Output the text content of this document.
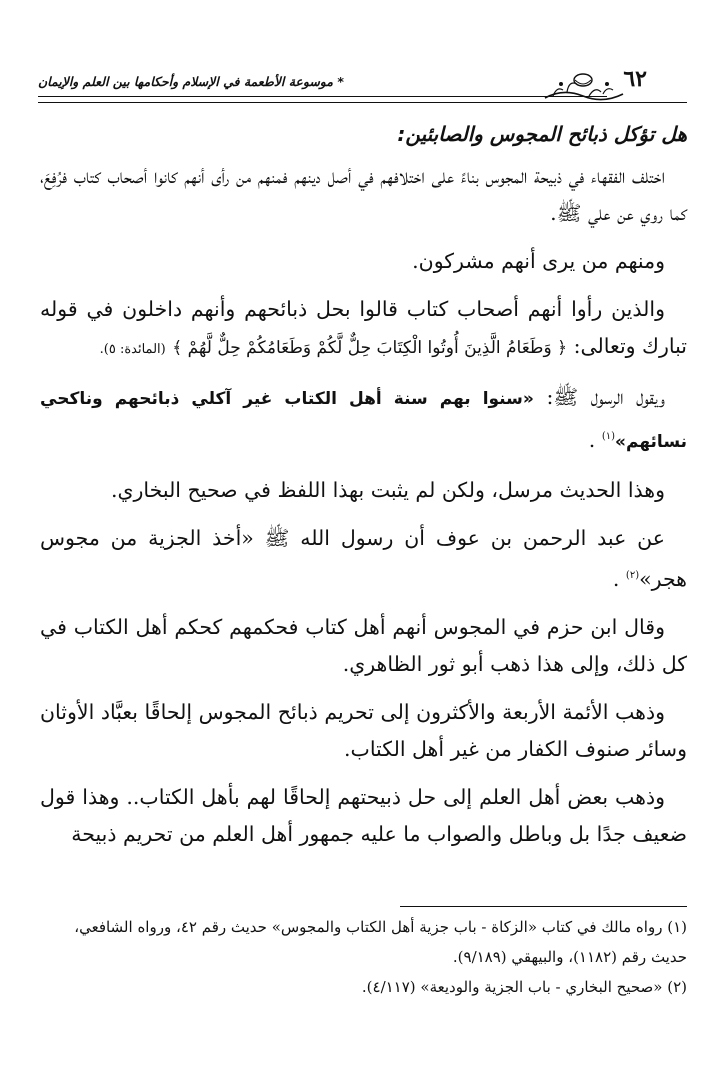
٦٢
* موسوعة الأطعمة في الإسلام وأحكامها بين العلم والإيمان
هل تؤكل ذبائح المجوس والصابئين:

اختلف الفقهاء في ذبيحة المجوس بناءً على اختلافهم في أصل دينهم فمنهم من رأى أنهم كانوا أصحاب كتاب فرُفِعَ، كما روي عن علي ﷺ.

ومنهم من يرى أنهم مشركون.

والذين رأوا أنهم أصحاب كتاب قالوا بحل ذبائحهم وأنهم داخلون في قوله تبارك وتعالى: ﴿ وَطَعَامُ الَّذِينَ أُوتُوا الْكِتَابَ حِلٌّ لَّكُمْ وَطَعَامُكُمْ حِلٌّ لَّهُمْ ﴾ (المائدة: ٥).

ويقول الرسول ﷺ: «سنوا بهم سنة أهل الكتاب غير آكلي ذبائحهم وناكحي نسائهم»$^{(١)}$ .

وهذا الحديث مرسل، ولكن لم يثبت بهذا اللفظ في صحيح البخاري.

عن عبد الرحمن بن عوف أن رسول الله ﷺ «أخذ الجزية من مجوس هجر»$^{(٢)}$ .

وقال ابن حزم في المجوس أنهم أهل كتاب فحكمهم كحكم أهل الكتاب في كل ذلك، وإلى هذا ذهب أبو ثور الظاهري.

وذهب الأئمة الأربعة والأكثرون إلى تحريم ذبائح المجوس إلحاقًا بعبَّاد الأوثان وسائر صنوف الكفار من غير أهل الكتاب.

وذهب بعض أهل العلم إلى حل ذبيحتهم إلحاقًا لهم بأهل الكتاب.. وهذا قول ضعيف جدًا بل وباطل والصواب ما عليه جمهور أهل العلم من تحريم ذبيحة

(١) رواه مالك في كتاب «الزكاة - باب جزية أهل الكتاب والمجوس» حديث رقم ٤٢، ورواه الشافعي، حديث رقم (١١٨٢)، والبيهقي (٩/١٨٩).

(٢) «صحيح البخاري - باب الجزية والوديعة» (٤/١١٧).
